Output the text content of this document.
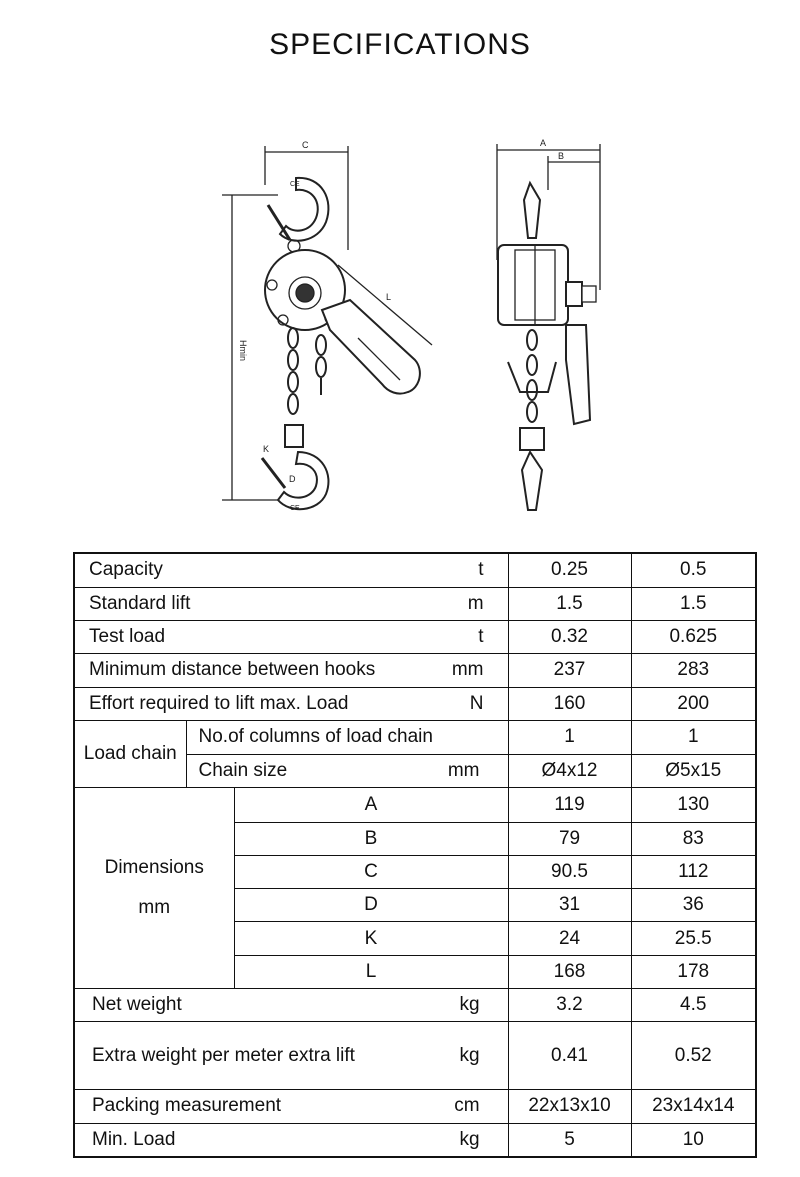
SPECIFICATIONS
C	A
B
Hmin
L
K
D
CE
CE
Capacity t			0.25	0.5

Standard lift m			1.5	1.5

Test load t			0.32	0.625

Minimum distance between hooks mm			237	283

Effort required to lift max. Load N			160	200
Load chain	No.of columns of load chain		1	1

	Chain size mm		Ø4x12	Ø5x15

Dimensions
mm		A	119	130
		B	79	83
		C	90.5	112
		D	31	36
		K	24	25.5
		L	168	178

Net weight kg			3.2	4.5

Extra weight per meter extra lift kg			0.41	0.52

Packing measurement cm			22x13x10	23x14x14

Min. Load kg			5	10
